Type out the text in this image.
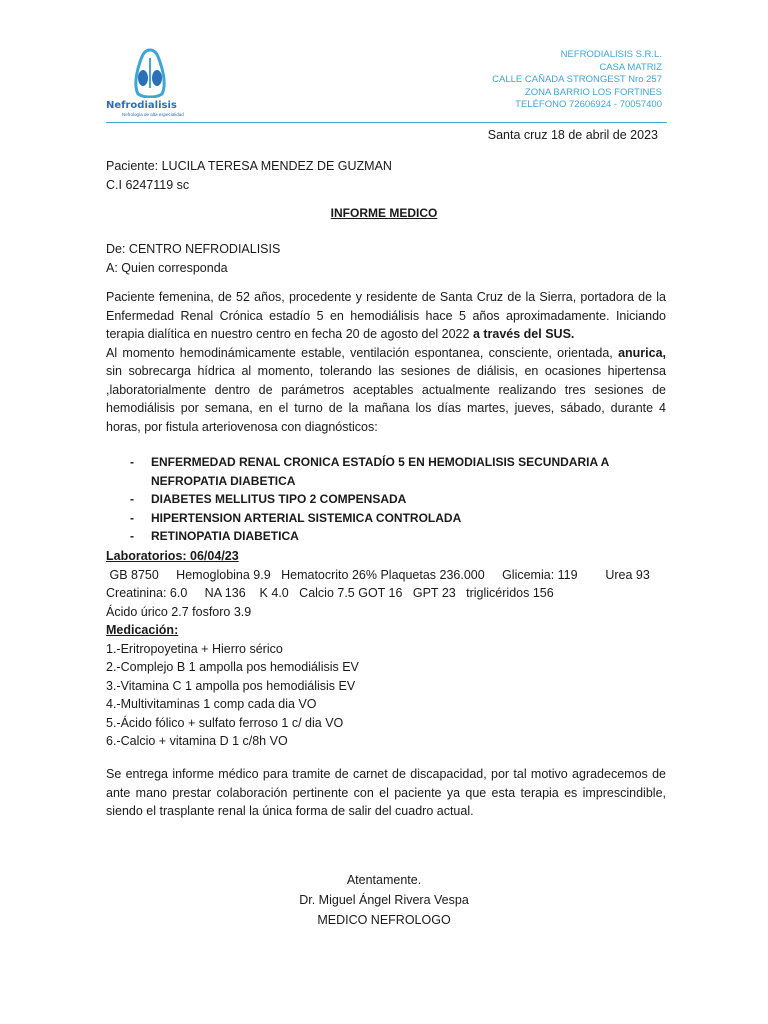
Nefrodialisis
Nefrología de alta especialidad
NEFRODIALISIS S.R.L.
CASA MATRIZ
CALLE CAÑADA STRONGEST Nro 257
ZONA BARRIO LOS FORTINES
TELÉFONO 72606924 - 70057400
Santa cruz 18 de abril de 2023
Paciente: LUCILA TERESA MENDEZ DE GUZMAN
C.I 6247119 sc
INFORME MEDICO
De: CENTRO NEFRODIALISIS
A: Quien corresponda
Paciente femenina, de 52 años, procedente y residente de Santa Cruz de la Sierra, portadora de la Enfermedad Renal Crónica estadío 5 en hemodiálisis hace 5 años aproximadamente. Iniciando terapia dialítica en nuestro centro en fecha 20 de agosto del 2022 a través del SUS.
Al momento hemodinámicamente estable, ventilación espontanea, consciente, orientada, anurica, sin sobrecarga hídrica al momento, tolerando las sesiones de diálisis, en ocasiones hipertensa ,laboratorialmente dentro de parámetros aceptables actualmente realizando tres sesiones de hemodiálisis por semana, en el turno de la mañana los días martes, jueves, sábado, durante 4 horas, por fistula arteriovenosa con diagnósticos:
- ENFERMEDAD RENAL CRONICA ESTADÍO 5 EN HEMODIALISIS SECUNDARIA A NEFROPATIA DIABETICA
- DIABETES MELLITUS TIPO 2 COMPENSADA
- HIPERTENSION ARTERIAL SISTEMICA CONTROLADA
- RETINOPATIA DIABETICA
Laboratorios: 06/04/23
GB 8750     Hemoglobina 9.9   Hematocrito 26% Plaquetas 236.000     Glicemia: 119        Urea 93
Creatinina: 6.0     NA 136    K 4.0   Calcio 7.5 GOT 16   GPT 23   triglicéridos 156
Ácido úrico 2.7 fosforo 3.9
Medicación:
1.-Eritropoyetina + Hierro sérico
2.-Complejo B 1 ampolla pos hemodiálisis EV
3.-Vitamina C 1 ampolla pos hemodiálisis EV
4.-Multivitaminas 1 comp cada dia VO
5.-Ácido fólico + sulfato ferroso 1 c/ dia VO
6.-Calcio + vitamina D 1 c/8h VO
Se entrega informe médico para tramite de carnet de discapacidad, por tal motivo agradecemos de ante mano prestar colaboración pertinente con el paciente ya que esta terapia es imprescindible, siendo el trasplante renal la única forma de salir del cuadro actual.
Atentamente.
Dr. Miguel Ángel Rivera Vespa
MEDICO NEFROLOGO
